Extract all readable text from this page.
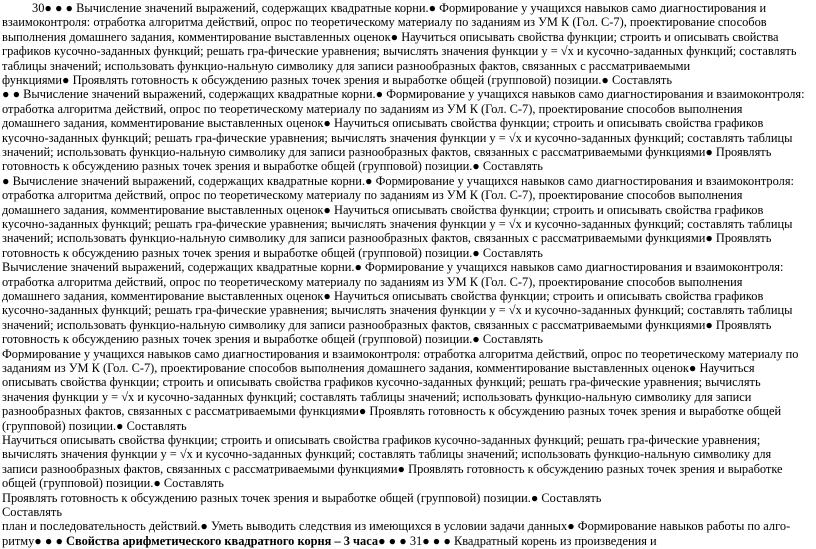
30● ● ● Вычисление значений выражений, содержащих квадратные корни.● Формирование у учащихся навыков само диагностирования и
взаимоконтроля: отработка алгоритма действий, опрос по теоретическому материалу по заданиям из УМ К (Гол. С-7), проектирование способов
выполнения домашнего задания, комментирование выставленных оценок● Научиться описывать свойства функции; строить и описывать свойства
графиков кусочно-заданных функций; решать гра-фические уравнения; вычислять значения функции y = √x и кусочно-заданных функций; составлять
таблицы значений; использовать функцио-нальную символику для записи разнообразных фактов, связанных с рассматриваемыми
функциями● Проявлять готовность к обсуждению разных точек зрения и выработке общей (групповой) позиции.● Составлять
● ● Вычисление значений выражений, содержащих квадратные корни.● Формирование у учащихся навыков само диагностирования и взаимоконтроля:
отработка алгоритма действий, опрос по теоретическому материалу по заданиям из УМ К (Гол. С-7), проектирование способов выполнения
домашнего задания, комментирование выставленных оценок● Научиться описывать свойства функции; строить и описывать свойства графиков
кусочно-заданных функций; решать гра-фические уравнения; вычислять значения функции y = √x и кусочно-заданных функций; составлять таблицы
значений; использовать функцио-нальную символику для записи разнообразных фактов, связанных с рассматриваемыми функциями● Проявлять
готовность к обсуждению разных точек зрения и выработке общей (групповой) позиции.● Составлять
● Вычисление значений выражений, содержащих квадратные корни.● Формирование у учащихся навыков само диагностирования и взаимоконтроля:
отработка алгоритма действий, опрос по теоретическому материалу по заданиям из УМ К (Гол. С-7), проектирование способов выполнения
домашнего задания, комментирование выставленных оценок● Научиться описывать свойства функции; строить и описывать свойства графиков
кусочно-заданных функций; решать гра-фические уравнения; вычислять значения функции y = √x и кусочно-заданных функций; составлять таблицы
значений; использовать функцио-нальную символику для записи разнообразных фактов, связанных с рассматриваемыми функциями● Проявлять
готовность к обсуждению разных точек зрения и выработке общей (групповой) позиции.● Составлять
Вычисление значений выражений, содержащих квадратные корни.● Формирование у учащихся навыков само диагностирования и взаимоконтроля:
отработка алгоритма действий, опрос по теоретическому материалу по заданиям из УМ К (Гол. С-7), проектирование способов выполнения
домашнего задания, комментирование выставленных оценок● Научиться описывать свойства функции; строить и описывать свойства графиков
кусочно-заданных функций; решать гра-фические уравнения; вычислять значения функции y = √x и кусочно-заданных функций; составлять таблицы
значений; использовать функцио-нальную символику для записи разнообразных фактов, связанных с рассматриваемыми функциями● Проявлять
готовность к обсуждению разных точек зрения и выработке общей (групповой) позиции.● Составлять
Формирование у учащихся навыков само диагностирования и взаимоконтроля: отработка алгоритма действий, опрос по теоретическому материалу по
заданиям из УМ К (Гол. С-7), проектирование способов выполнения домашнего задания, комментирование выставленных оценок● Научиться
описывать свойства функции; строить и описывать свойства графиков кусочно-заданных функций; решать гра-фические уравнения; вычислять
значения функции y = √x и кусочно-заданных функций; составлять таблицы значений; использовать функцио-нальную символику для записи
разнообразных фактов, связанных с рассматриваемыми функциями● Проявлять готовность к обсуждению разных точек зрения и выработке общей
(групповой) позиции.● Составлять
Научиться описывать свойства функции; строить и описывать свойства графиков кусочно-заданных функций; решать гра-фические уравнения;
вычислять значения функции y = √x и кусочно-заданных функций; составлять таблицы значений; использовать функцио-нальную символику для
записи разнообразных фактов, связанных с рассматриваемыми функциями● Проявлять готовность к обсуждению разных точек зрения и выработке
общей (групповой) позиции.● Составлять
Проявлять готовность к обсуждению разных точек зрения и выработке общей (групповой) позиции.● Составлять
Составлять
план и последовательность действий.● Уметь выводить следствия из имеющихся в условии задачи данных● Формирование навыков работы по алго-
ритму● ● ● Свойства арифметического квадратного корня – 3 часа● ● ● 31● ● ● Квадратный корень из произведения и
